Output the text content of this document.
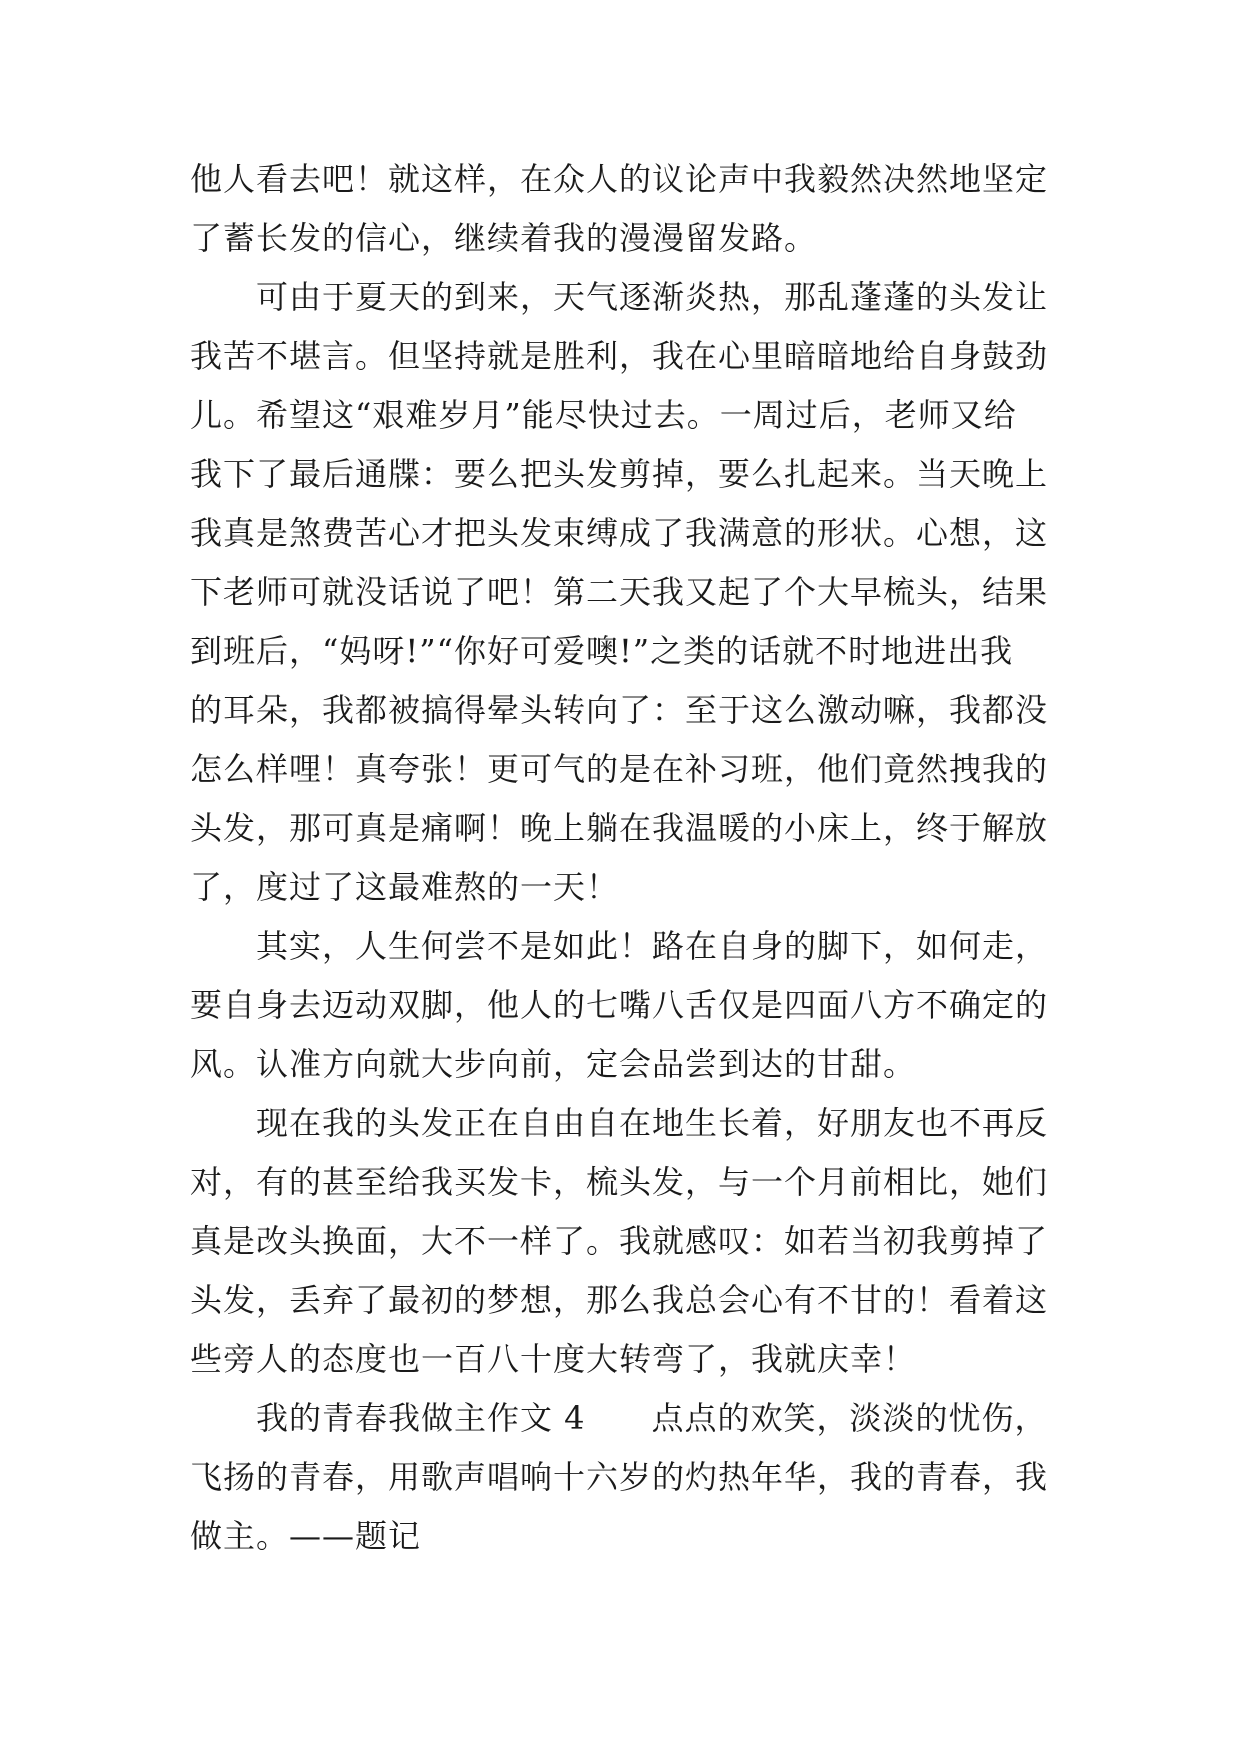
他人看去吧！就这样，在众人的议论声中我毅然决然地坚定
了蓄长发的信心，继续着我的漫漫留发路。
　　可由于夏天的到来，天气逐渐炎热，那乱蓬蓬的头发让
我苦不堪言。但坚持就是胜利，我在心里暗暗地给自身鼓劲
儿。希望这“艰难岁月”能尽快过去。一周过后，老师又给
我下了最后通牒：要么把头发剪掉，要么扎起来。当天晚上
我真是煞费苦心才把头发束缚成了我满意的形状。心想，这
下老师可就没话说了吧！第二天我又起了个大早梳头，结果
到班后，“妈呀!”“你好可爱噢!”之类的话就不时地进出我
的耳朵，我都被搞得晕头转向了：至于这么激动嘛，我都没
怎么样哩！真夸张！更可气的是在补习班，他们竟然拽我的
头发，那可真是痛啊！晚上躺在我温暖的小床上，终于解放
了，度过了这最难熬的一天！
　　其实，人生何尝不是如此！路在自身的脚下，如何走，
要自身去迈动双脚，他人的七嘴八舌仅是四面八方不确定的
风。认准方向就大步向前，定会品尝到达的甘甜。
　　现在我的头发正在自由自在地生长着，好朋友也不再反
对，有的甚至给我买发卡，梳头发，与一个月前相比，她们
真是改头换面，大不一样了。我就感叹：如若当初我剪掉了
头发，丢弃了最初的梦想，那么我总会心有不甘的！看着这
些旁人的态度也一百八十度大转弯了，我就庆幸！
　　我的青春我做主作文 4　　点点的欢笑，淡淡的忧伤，
飞扬的青春，用歌声唱响十六岁的灼热年华，我的青春，我
做主。——题记
